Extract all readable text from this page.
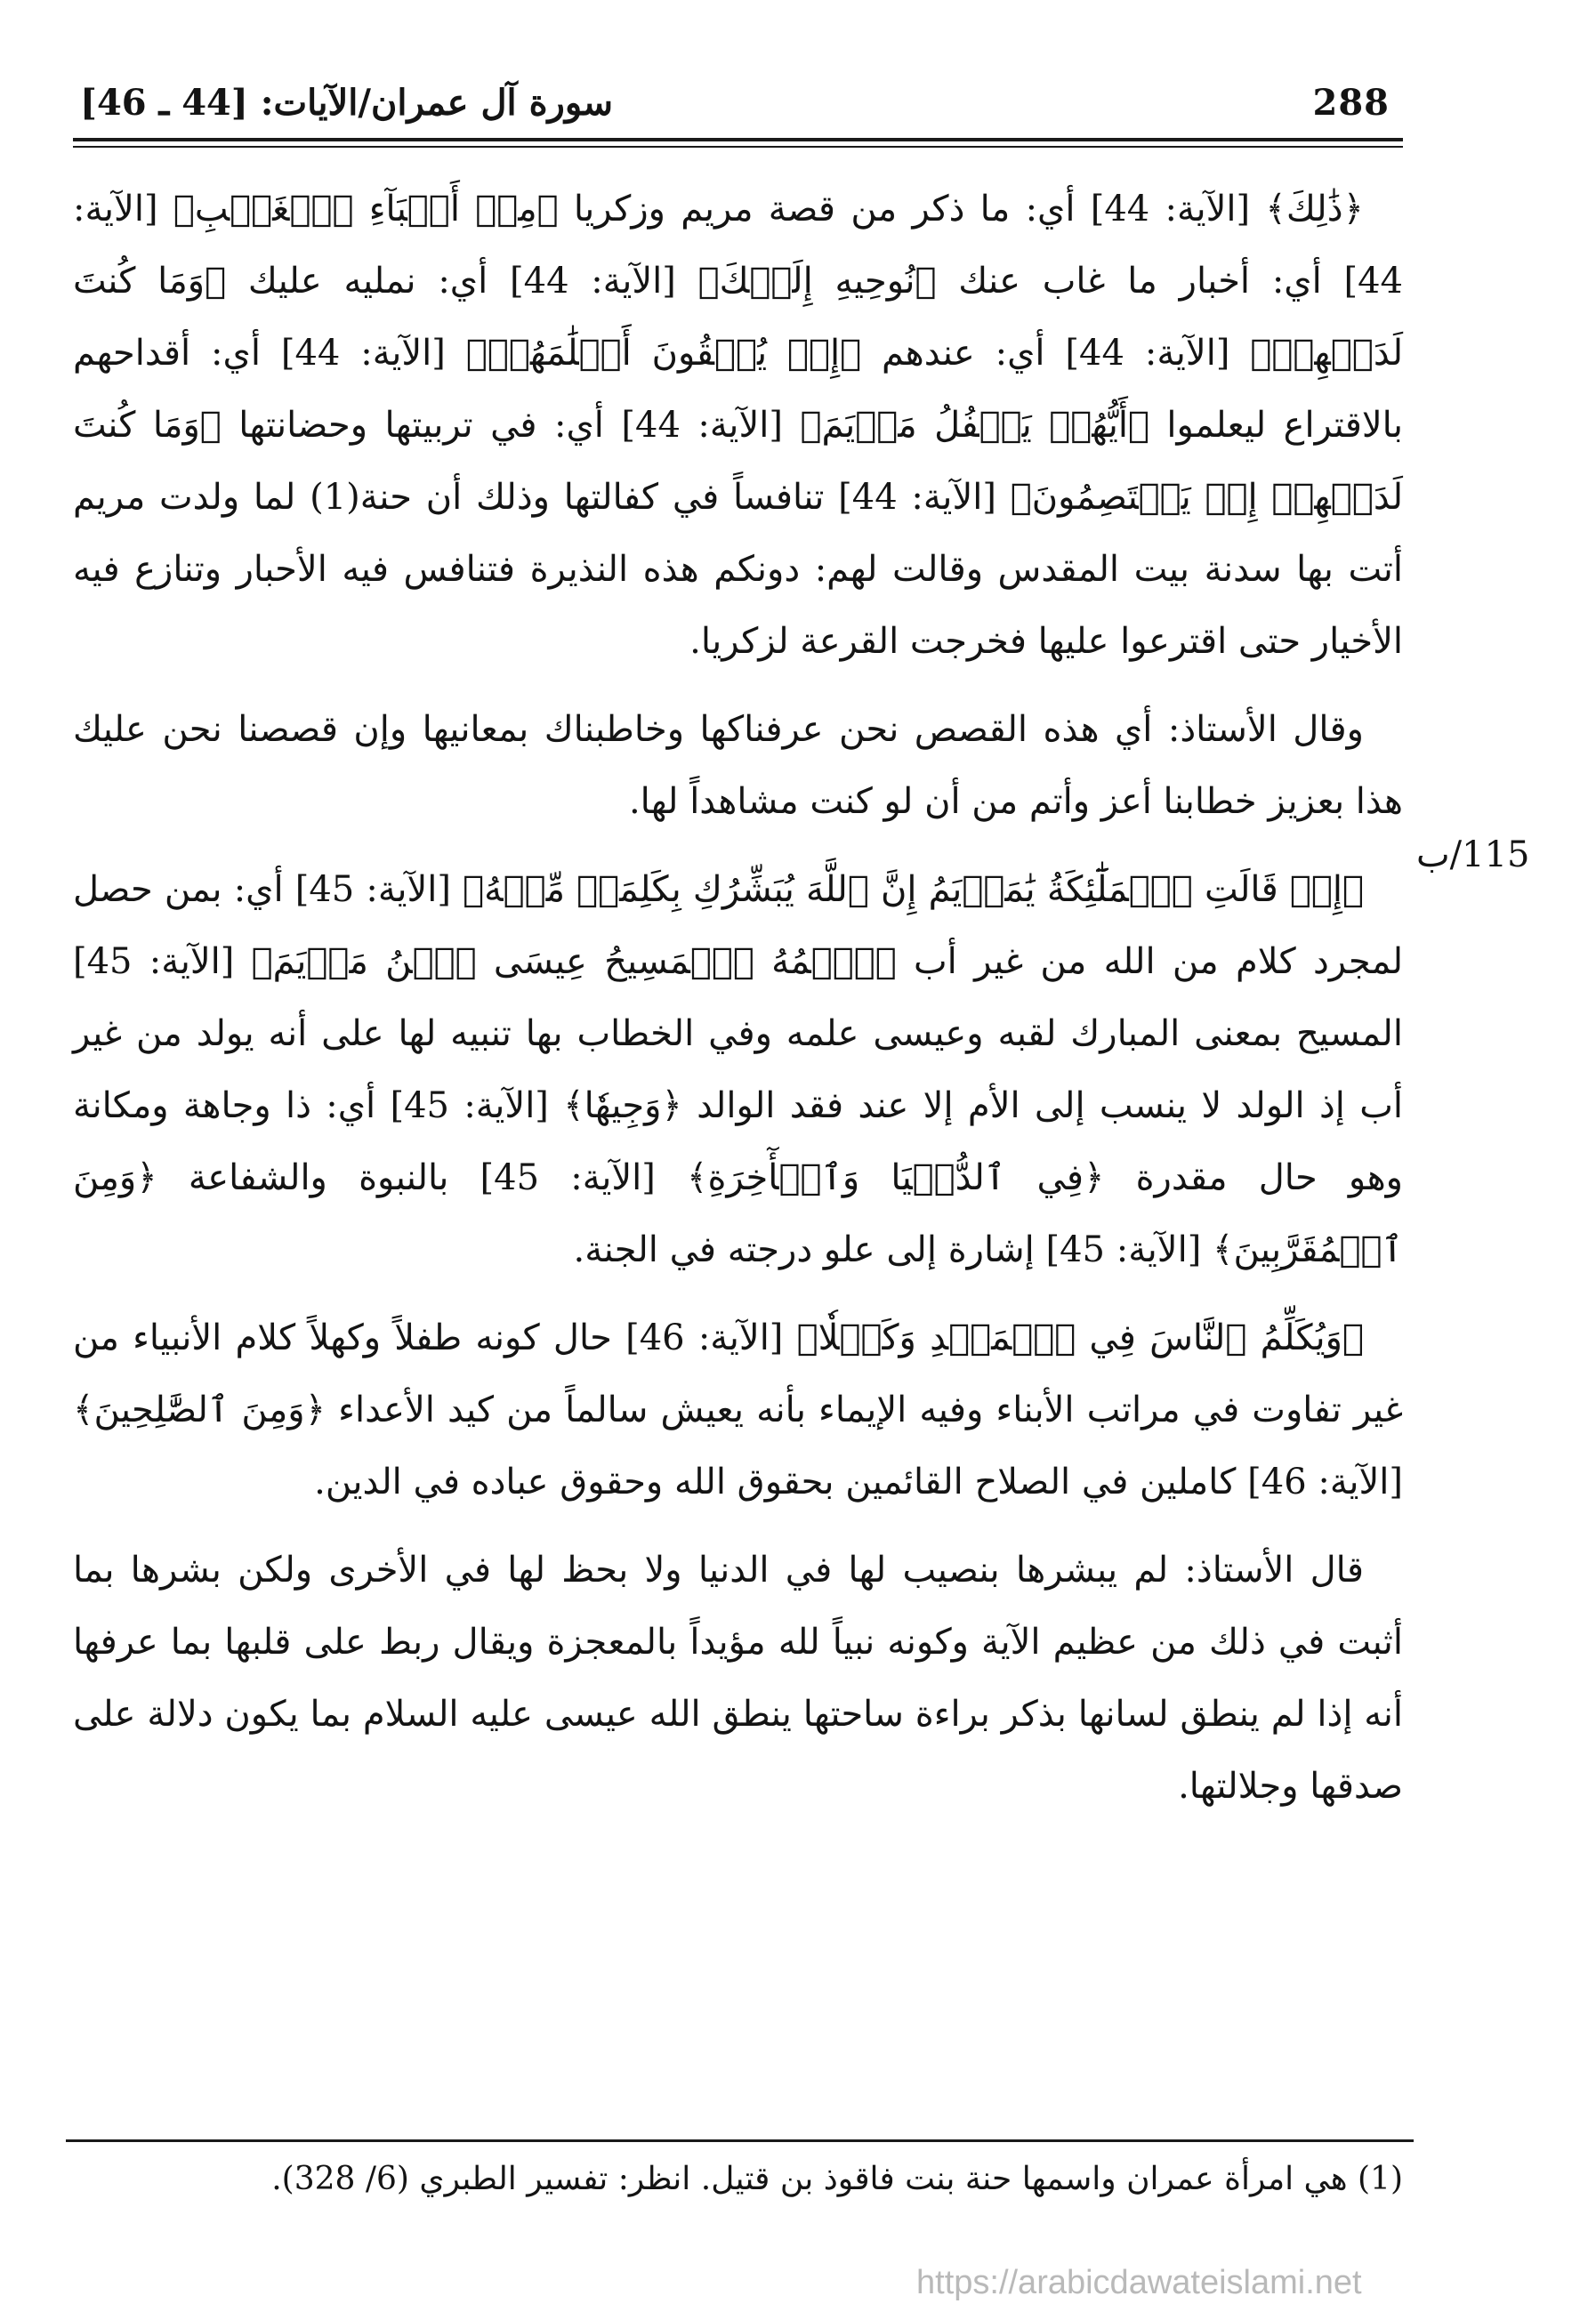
288
سورة آل عمران/الآيات: [44 ـ 46]
115/ب

﴿ذَٰلِكَ﴾ [الآية: 44] أي: ما ذكر من قصة مريم وزكريا ﴿مِنۡ أَنۢبَآءِ ٱلۡغَيۡبِ﴾ [الآية: 44] أي: أخبار ما غاب عنك ﴿نُوحِيهِ إِلَيۡكَ﴾ [الآية: 44] أي: نمليه عليك ﴿وَمَا كُنتَ لَدَيۡهِمۡ﴾ [الآية: 44] أي: عندهم ﴿إِذۡ يُلۡقُونَ أَقۡلَٰمَهُمۡ﴾ [الآية: 44] أي: أقداحهم بالاقتراع ليعلموا ﴿أَيُّهُمۡ يَكۡفُلُ مَرۡيَمَ﴾ [الآية: 44] أي: في تربيتها وحضانتها ﴿وَمَا كُنتَ لَدَيۡهِمۡ إِذۡ يَخۡتَصِمُونَ﴾ [الآية: 44] تنافساً في كفالتها وذلك أن حنة(1) لما ولدت مريم أتت بها سدنة بيت المقدس وقالت لهم: دونكم هذه النذيرة فتنافس فيه الأحبار وتنازع فيه الأخيار حتى اقترعوا عليها فخرجت القرعة لزكريا.

وقال الأستاذ: أي هذه القصص نحن عرفناكها وخاطبناك بمعانيها وإن قصصنا نحن عليك هذا بعزيز خطابنا أعز وأتم من أن لو كنت مشاهداً لها.

﴿إِذۡ قَالَتِ ٱلۡمَلَٰٓئِكَةُ يَٰمَرۡيَمُ إِنَّ ٱللَّهَ يُبَشِّرُكِ بِكَلِمَةٖ مِّنۡهُ﴾ [الآية: 45] أي: بمن حصل لمجرد كلام من الله من غير أب ﴿ٱسۡمُهُ ٱلۡمَسِيحُ عِيسَى ٱبۡنُ مَرۡيَمَ﴾ [الآية: 45] المسيح بمعنى المبارك لقبه وعيسى علمه وفي الخطاب بها تنبيه لها على أنه يولد من غير أب إذ الولد لا ينسب إلى الأم إلا عند فقد الوالد ﴿وَجِيهٗا﴾ [الآية: 45] أي: ذا وجاهة ومكانة وهو حال مقدرة ﴿فِي ٱلدُّنۡيَا وَٱلۡأٓخِرَةِ﴾ [الآية: 45] بالنبوة والشفاعة ﴿وَمِنَ ٱلۡمُقَرَّبِينَ﴾ [الآية: 45] إشارة إلى علو درجته في الجنة.

﴿وَيُكَلِّمُ ٱلنَّاسَ فِي ٱلۡمَهۡدِ وَكَهۡلٗا﴾ [الآية: 46] حال كونه طفلاً وكهلاً كلام الأنبياء من غير تفاوت في مراتب الأبناء وفيه الإيماء بأنه يعيش سالماً من كيد الأعداء ﴿وَمِنَ ٱلصَّٰلِحِينَ﴾ [الآية: 46] كاملين في الصلاح القائمين بحقوق الله وحقوق عباده في الدين.

قال الأستاذ: لم يبشرها بنصيب لها في الدنيا ولا بحظ لها في الأخرى ولكن بشرها بما أثبت في ذلك من عظيم الآية وكونه نبياً لله مؤيداً بالمعجزة ويقال ربط على قلبها بما عرفها أنه إذا لم ينطق لسانها بذكر براءة ساحتها ينطق الله عيسى عليه السلام بما يكون دلالة على صدقها وجلالتها.

(1) هي امرأة عمران واسمها حنة بنت فاقوذ بن قتيل. انظر: تفسير الطبري (6/ 328).
https://arabicdawateislami.net
